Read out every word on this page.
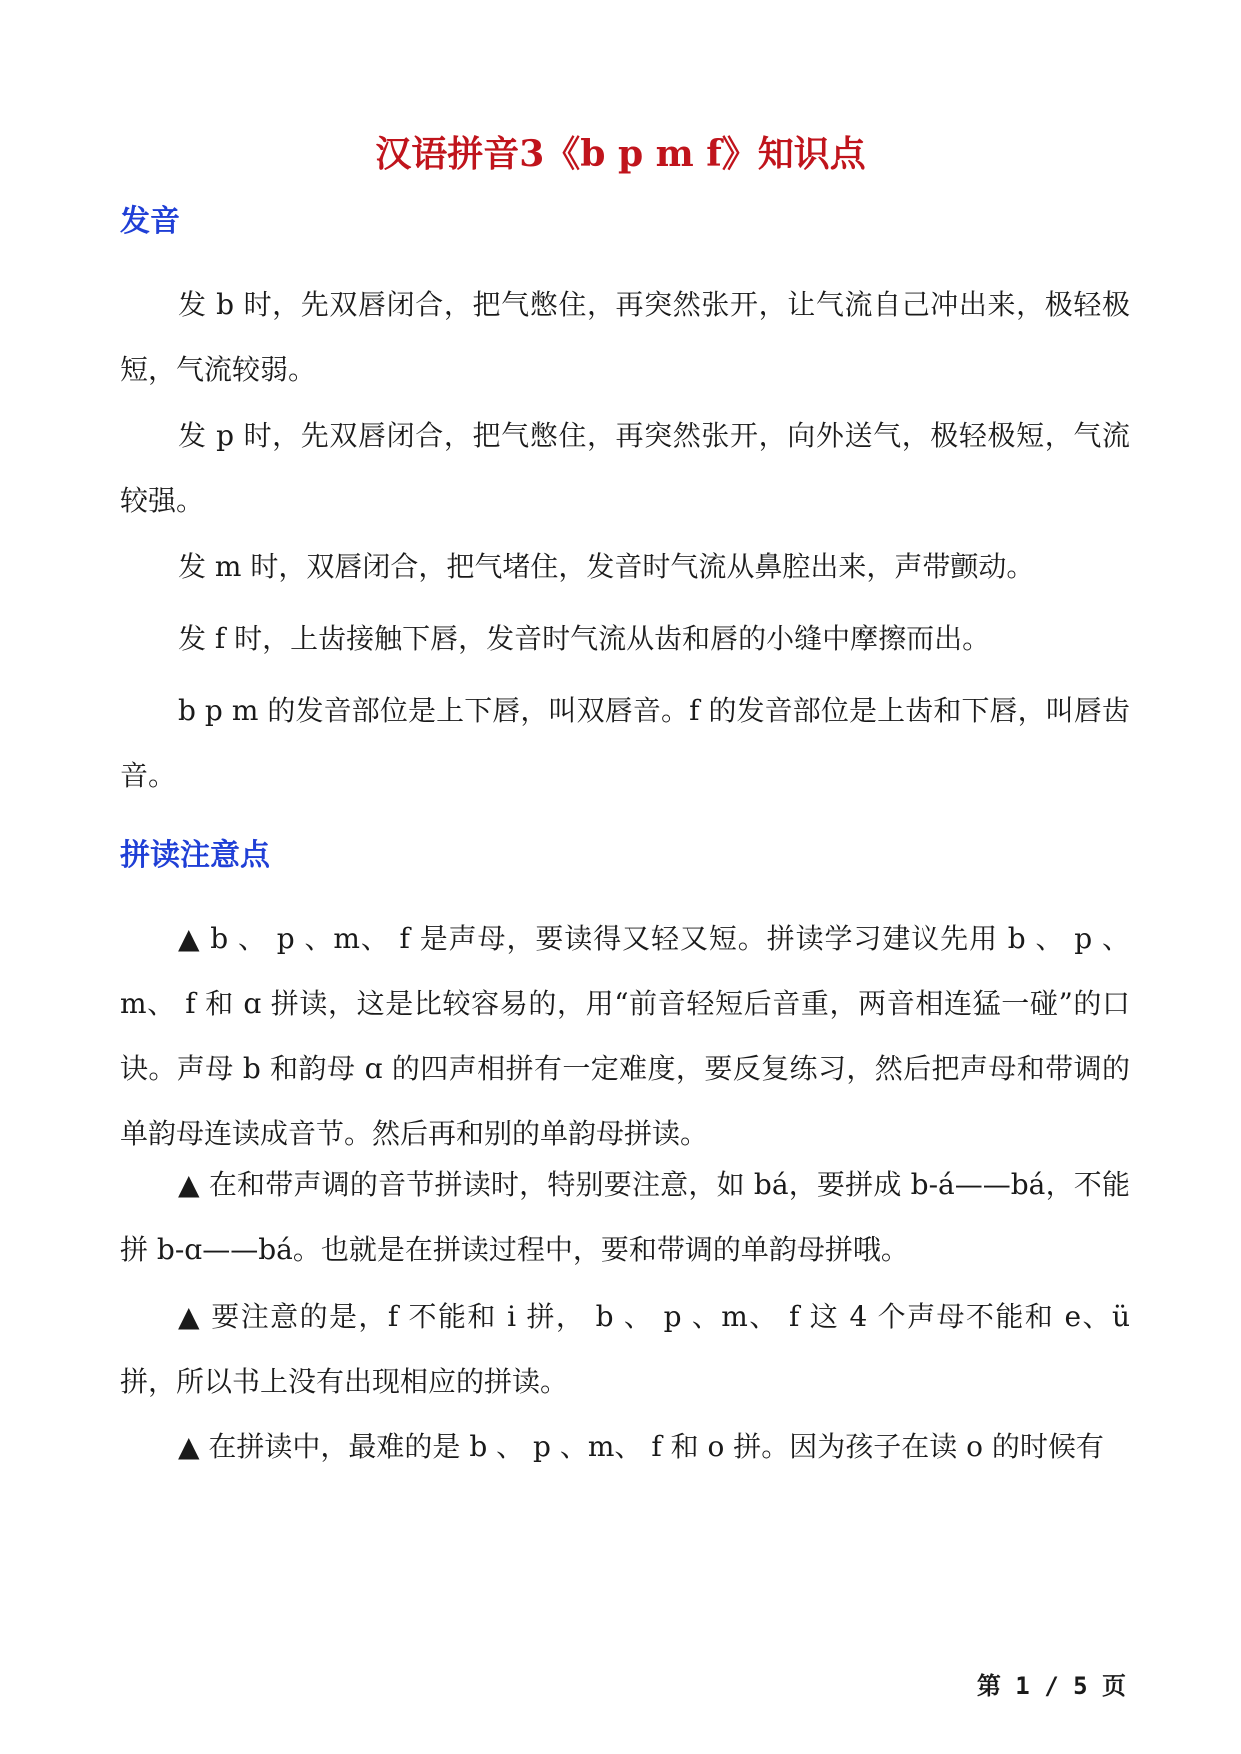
汉语拼音3《b p m f》知识点
发音

发 b 时，先双唇闭合，把气憋住，再突然张开，让气流自己冲出来，极轻极短，气流较弱。

发 p 时，先双唇闭合，把气憋住，再突然张开，向外送气，极轻极短，气流较强。

发 m 时，双唇闭合，把气堵住，发音时气流从鼻腔出来，声带颤动。

发 f 时，上齿接触下唇，发音时气流从齿和唇的小缝中摩擦而出。

b p m 的发音部位是上下唇，叫双唇音。f 的发音部位是上齿和下唇，叫唇齿音。

拼读注意点

▲ b 、 p 、m、 f 是声母，要读得又轻又短。拼读学习建议先用 b 、 p 、 m、 f 和 ɑ 拼读，这是比较容易的，用“前音轻短后音重，两音相连猛一碰”的口诀。声母 b 和韵母 ɑ 的四声相拼有一定难度，要反复练习，然后把声母和带调的单韵母连读成音节。然后再和别的单韵母拼读。

▲ 在和带声调的音节拼读时，特别要注意，如 bá，要拼成 b-á——bá，不能拼 b-ɑ——bá。也就是在拼读过程中，要和带调的单韵母拼哦。

▲ 要注意的是，f 不能和 i 拼， b 、 p 、m、 f 这 4 个声母不能和 e、ü 拼，所以书上没有出现相应的拼读。

▲ 在拼读中，最难的是 b 、 p 、m、 f 和 o 拼。因为孩子在读 o 的时候有

第 1 / 5 页
